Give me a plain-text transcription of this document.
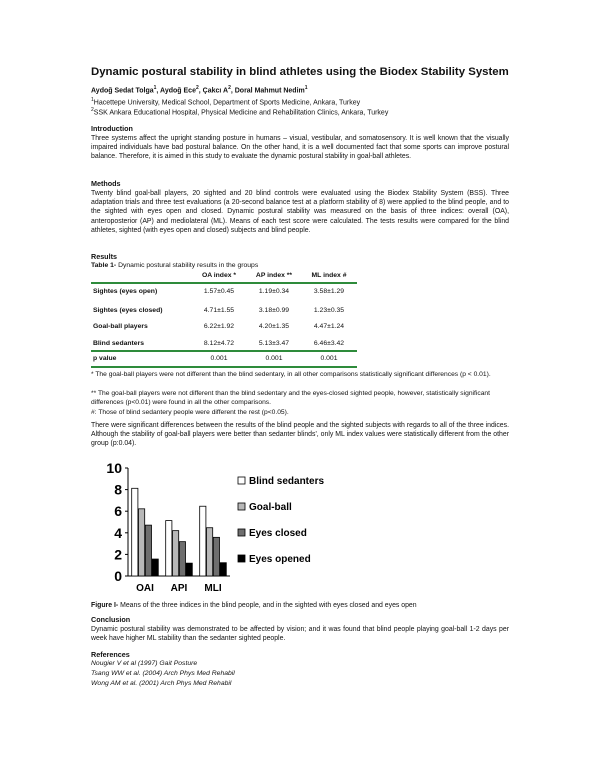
Dynamic postural stability in blind athletes using the Biodex Stability System
Aydoğ Sedat Tolga$^1$, Aydoğ Ece$^2$, Çakcı $A^2$, Doral Mahmut Nedim$^1$
$^1$Hacettepe University, Medical School, Department of Sports Medicine, Ankara, Turkey
$^2$SSK Ankara Educational Hospital, Physical Medicine and Rehabilitation Clinics, Ankara, Turkey
Introduction
Three systems affect the upright standing posture in humans – visual, vestibular, and somatosensory. It is well known that the visually impaired individuals have bad postural balance. On the other hand, it is a well documented fact that some sports can improve postural balance. Therefore, it is aimed in this study to evaluate the dynamic postural stability in goal-ball athletes.
Methods
Twenty blind goal-ball players, 20 sighted and 20 blind controls were evaluated using the Biodex Stability System (BSS). Three adaptation trials and three test evaluations (a 20-second balance test at a platform stability of 8) were applied to the blind people, and to the sighted with eyes open and closed. Dynamic postural stability was measured on the basis of three indices: overall (OA), anteroposterior (AP) and mediolateral (ML). Means of each test score were calculated. The tests results were compared for the blind athletes, sighted (with eyes open and closed) subjects and blind people.
Results
Table 1- Dynamic postural stability results in the groups
OA index *	AP index **	ML index #
Sightes (eyes open)	1.57±0.45	1.19±0.34	3.58±1.29
Sightes (eyes closed)	4.71±1.55	3.18±0.99	1.23±0.35
Goal-ball players	6.22±1.92	4.20±1.35	4.47±1.24
Blind sedanters	8.12±4.72	5.13±3.47	6.46±3.42
p value	0.001	0.001	0.001
* The goal-ball players were not different than the blind sedentary, in all other comparisons statistically significant differences (p < 0.01).
** The goal-ball players were not different than the blind sedentary and the eyes-closed sighted people, however, statistically significant differences (p<0.01) were found in all the other comparisons.
#: Those of blind sedantery people were different the rest (p<0.05).
There were significant differences between the results of the blind people and the sighted subjects with regards to all of the three indices. Although the stability of goal-ball players were better than sedanter blinds', only ML index values were statistically different from the other group (p:0.04).
0
2
4
6
8
10
OAI API MLI
Blind sedanters
Goal-ball
Eyes closed
Eyes opened
Figure I- Means of the three indices in the blind people, and in the sighted with eyes closed and eyes open
Conclusion
Dynamic postural stability was demonstrated to be affected by vision; and it was found that blind people playing goal-ball 1-2 days per week have higher ML stability than the sedanter sighted people.
References
Nougier V et al (1997) Gait Posture
Tsang WW et al. (2004) Arch Phys Med Rehabil
Wong AM et al. (2001) Arch Phys Med Rehabil
